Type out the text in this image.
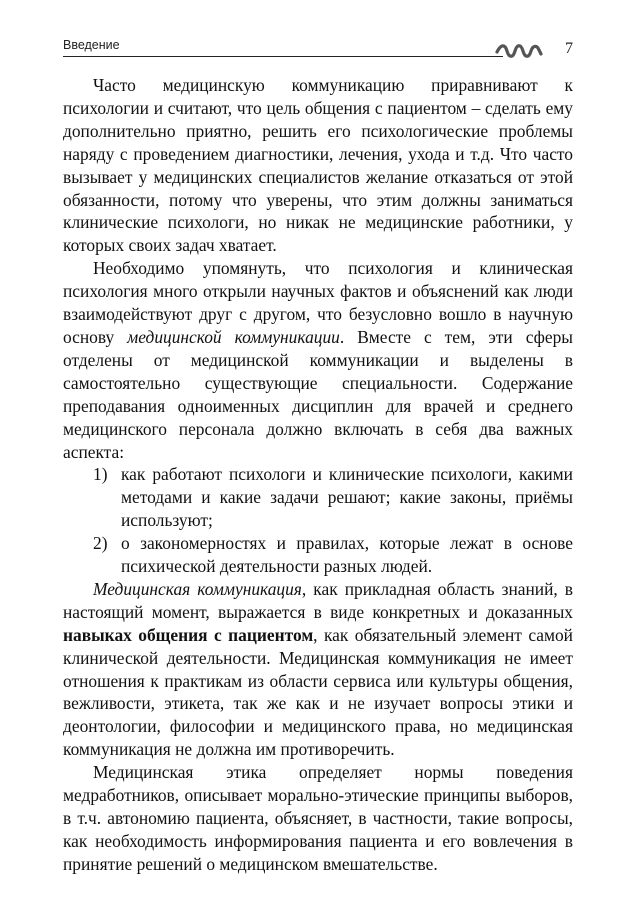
Введение	7

Часто медицинскую коммуникацию приравнивают к психологии и считают, что цель общения с пациентом – сделать ему дополнительно приятно, решить его психологические проблемы наряду с проведением диагностики, лечения, ухода и т.д. Что часто вызывает у медицинских специалистов желание отказаться от этой обязанности, потому что уверены, что этим должны заниматься клинические психологи, но никак не медицинские работники, у которых своих задач хватает.

Необходимо упомянуть, что психология и клиническая психология много открыли научных фактов и объяснений как люди взаимодействуют друг с другом, что безусловно вошло в научную основу медицинской коммуникации. Вместе с тем, эти сферы отделены от медицинской коммуникации и выделены в самостоятельно существующие специальности. Содержание преподавания одноименных дисциплин для врачей и среднего медицинского персонала должно включать в себя два важных аспекта:

1) как работают психологи и клинические психологи, какими методами и какие задачи решают; какие законы, приёмы используют;
2) о закономерностях и правилах, которые лежат в основе психической деятельности разных людей.

Медицинская коммуникация, как прикладная область знаний, в настоящий момент, выражается в виде конкретных и доказанных навыках общения с пациентом, как обязательный элемент самой клинической деятельности. Медицинская коммуникация не имеет отношения к практикам из области сервиса или культуры общения, вежливости, этикета, так же как и не изучает вопросы этики и деонтологии, философии и медицинского права, но медицинская коммуникация не должна им противоречить.

Медицинская этика определяет нормы поведения медработников, описывает морально-этические принципы выборов, в т.ч. автономию пациента, объясняет, в частности, такие вопросы, как необходимость информирования пациента и его вовлечения в принятие решений о медицинском вмешательстве.
